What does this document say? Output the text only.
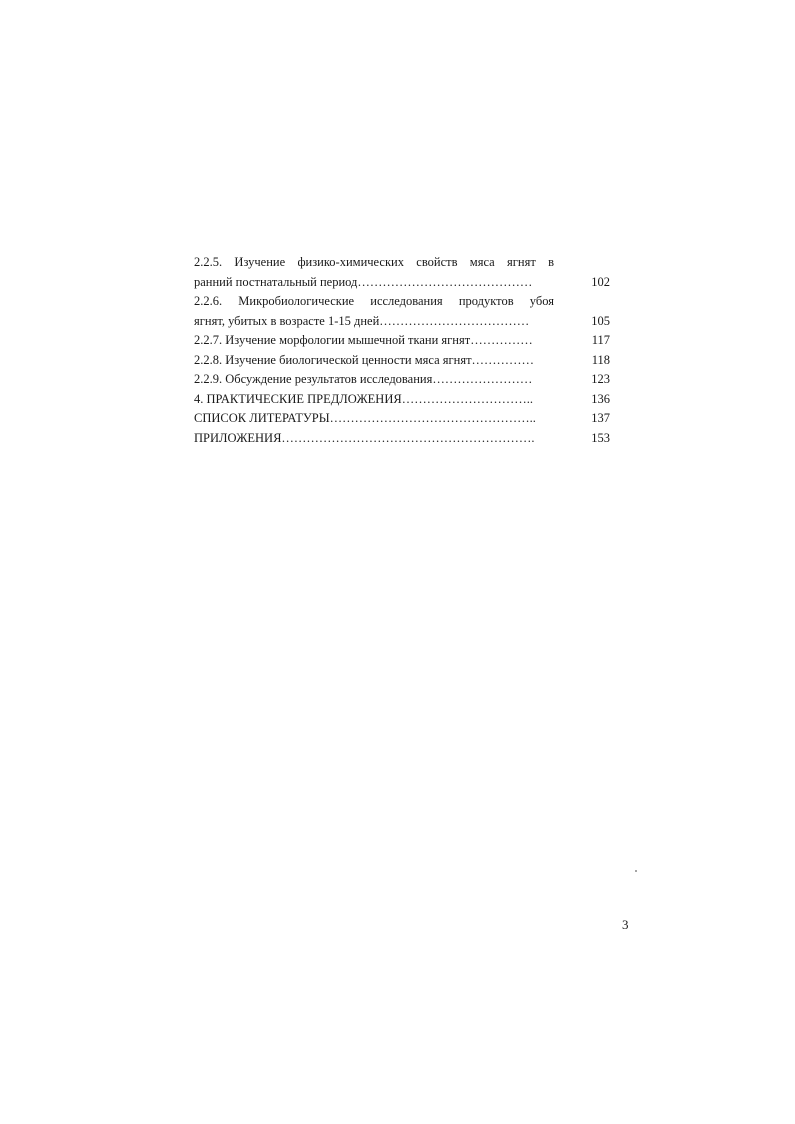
2.2.5. Изучение физико-химических свойств мяса ягнят в
ранний постнатальный период……………………………………	102
2.2.6. Микробиологические исследования продуктов убоя
ягнят, убитых в возрасте 1-15 дней………………………………	105
2.2.7. Изучение морфологии мышечной ткани ягнят……………	117
2.2.8. Изучение биологической ценности мяса ягнят……………	118
2.2.9. Обсуждение результатов исследования……………………	123
4. ПРАКТИЧЕСКИЕ ПРЕДЛОЖЕНИЯ…………………………..	136
СПИСОК ЛИТЕРАТУРЫ…………………………………………..	137
ПРИЛОЖЕНИЯ…………………………………………………….	153
3
